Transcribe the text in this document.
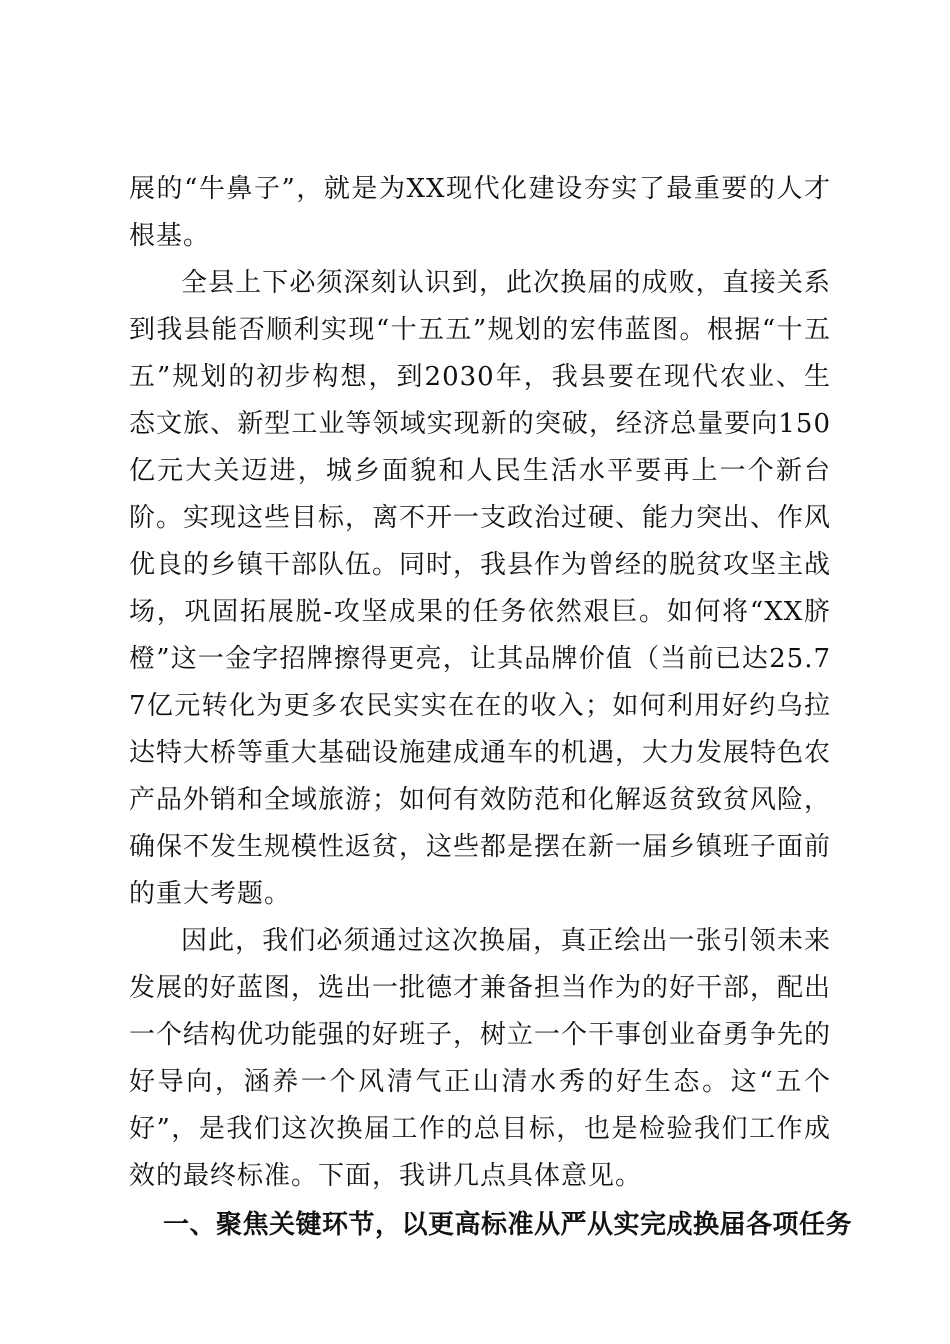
展的“牛鼻子”，就是为XX现代化建设夯实了最重要的人才根基。

全县上下必须深刻认识到，此次换届的成败，直接关系到我县能否顺利实现“十五五”规划的宏伟蓝图。根据“十五五”规划的初步构想，到2030年，我县要在现代农业、生态文旅、新型工业等领域实现新的突破，经济总量要向150亿元大关迈进，城乡面貌和人民生活水平要再上一个新台阶。实现这些目标，离不开一支政治过硬、能力突出、作风优良的乡镇干部队伍。同时，我县作为曾经的脱贫攻坚主战场，巩固拓展脱-攻坚成果的任务依然艰巨。如何将“XX脐橙”这一金字招牌擦得更亮，让其品牌价值（当前已达25.77亿元转化为更多农民实实在在的收入；如何利用好约乌拉达特大桥等重大基础设施建成通车的机遇，大力发展特色农产品外销和全域旅游；如何有效防范和化解返贫致贫风险，确保不发生规模性返贫，这些都是摆在新一届乡镇班子面前的重大考题。

因此，我们必须通过这次换届，真正绘出一张引领未来发展的好蓝图，选出一批德才兼备担当作为的好干部，配出一个结构优功能强的好班子，树立一个干事创业奋勇争先的好导向，涵养一个风清气正山清水秀的好生态。这“五个好”，是我们这次换届工作的总目标，也是检验我们工作成效的最终标准。下面，我讲几点具体意见。

一、聚焦关键环节，以更高标准从严从实完成换届各项任务
